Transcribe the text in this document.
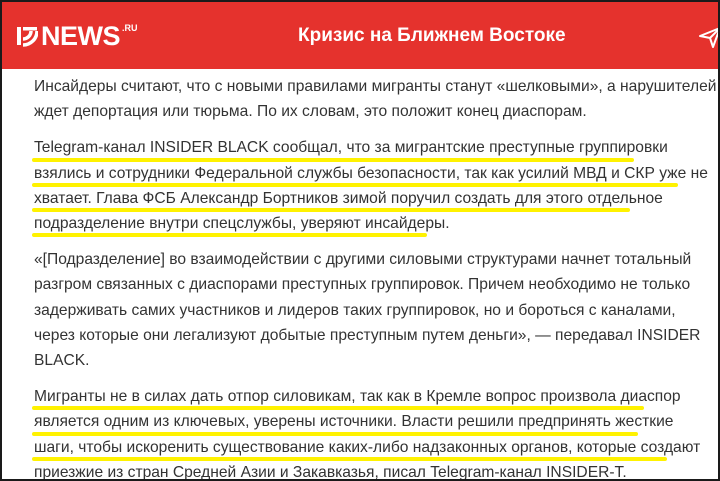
NEWS .RU	Кризис на Ближнем Востоке

Инсайдеры считают, что с новыми правилами мигранты станут «шелковыми», а нарушителей
ждет депортация или тюрьма. По их словам, это положит конец диаспорам.

Telegram-канал INSIDER BLACK сообщал, что за мигрантские преступные группировки
взялись и сотрудники Федеральной службы безопасности, так как усилий МВД и СКР уже не
хватает. Глава ФСБ Александр Бортников зимой поручил создать для этого отдельное
подразделение внутри спецслужбы, уверяют инсайдеры.

«[Подразделение] во взаимодействии с другими силовыми структурами начнет тотальный
разгром связанных с диаспорами преступных группировок. Причем необходимо не только
задерживать самих участников и лидеров таких группировок, но и бороться с каналами,
через которые они легализуют добытые преступным путем деньги», — передавал INSIDER
BLACK.

Мигранты не в силах дать отпор силовикам, так как в Кремле вопрос произвола диаспор
является одним из ключевых, уверены источники. Власти решили предпринять жесткие
шаги, чтобы искоренить существование каких-либо надзаконных органов, которые создают
приезжие из стран Средней Азии и Закавказья, писал Telegram-канал INSIDER-T.
